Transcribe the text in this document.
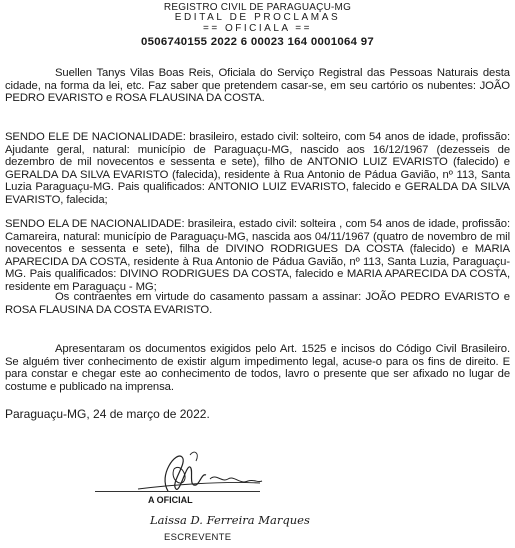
REGISTRO CIVIL DE PARAGUAÇU-MG

EDITAL DE PROCLAMAS

== OFICIALA ==

0506740155 2022 6 00023 164 0001064 97

Suellen Tanys Vilas Boas Reis, Oficiala do Serviço Registral das Pessoas Naturais desta cidade, na forma da lei, etc. Faz saber que pretendem casar-se, em seu cartório os nubentes: JOÃO PEDRO EVARISTO e ROSA FLAUSINA DA COSTA.

SENDO ELE DE NACIONALIDADE: brasileiro, estado civil: solteiro, com 54 anos de idade, profissão: Ajudante geral, natural: município de Paraguaçu-MG, nascido aos 16/12/1967 (dezesseis de dezembro de mil novecentos e sessenta e sete), filho de ANTONIO LUIZ EVARISTO (falecido) e GERALDA DA SILVA EVARISTO (falecida), residente à Rua Antonio de Pádua Gavião, nº 113, Santa Luzia Paraguaçu-MG. Pais qualificados: ANTONIO LUIZ EVARISTO, falecido e GERALDA DA SILVA EVARISTO, falecida;

SENDO ELA DE NACIONALIDADE: brasileira, estado civil: solteira , com 54 anos de idade, profissão: Camareira, natural: município de Paraguaçu-MG, nascida aos 04/11/1967 (quatro de novembro de mil novecentos e sessenta e sete), filha de DIVINO RODRIGUES DA COSTA (falecido) e MARIA APARECIDA DA COSTA, residente à Rua Antonio de Pádua Gavião, nº 113, Santa Luzia, Paraguaçu-MG. Pais qualificados: DIVINO RODRIGUES DA COSTA, falecido e MARIA APARECIDA DA COSTA, residente em Paraguaçu - MG;

Os contraentes em virtude do casamento passam a assinar: JOÃO PEDRO EVARISTO e ROSA FLAUSINA DA COSTA EVARISTO.

Apresentaram os documentos exigidos pelo Art. 1525 e incisos do Código Civil Brasileiro. Se alguém tiver conhecimento de existir algum impedimento legal, acuse-o para os fins de direito. E para constar e chegar este ao conhecimento de todos, lavro o presente que ser afixado no lugar de costume e publicado na imprensa.

Paraguaçu-MG, 24 de março de 2022.

A OFICIAL

Laissa D. Ferreira Marques

ESCREVENTE
